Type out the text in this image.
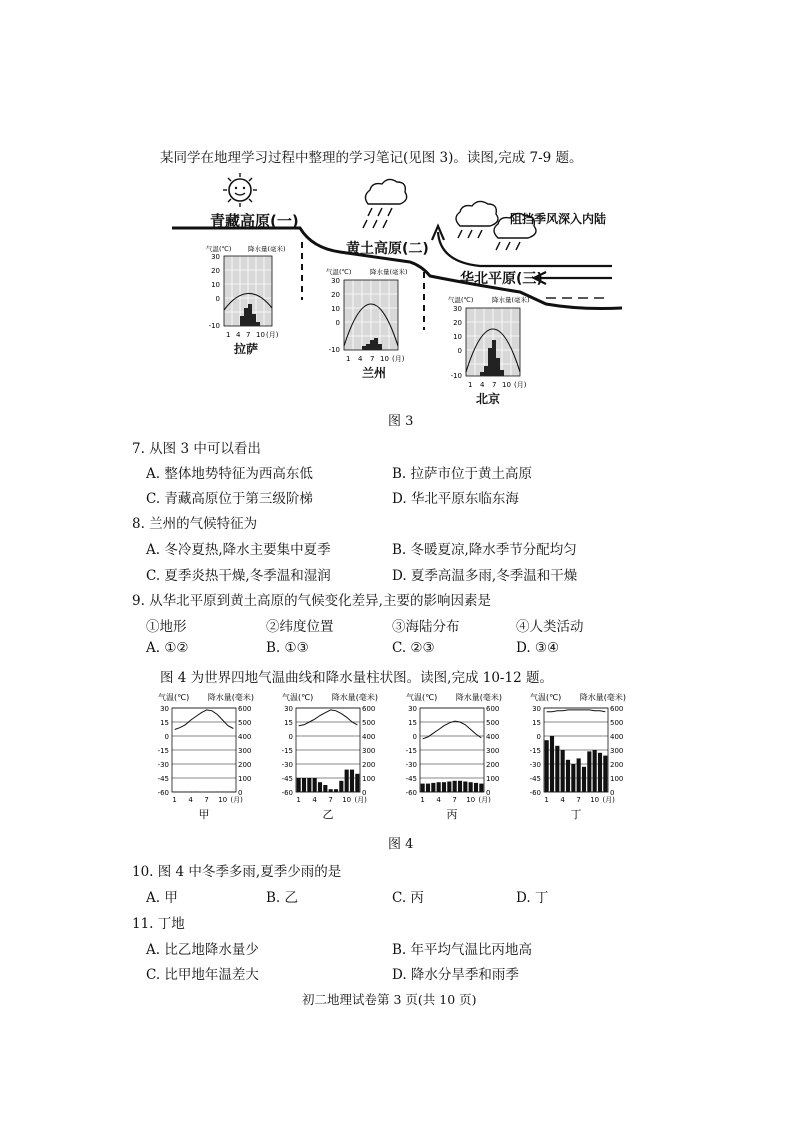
某同学在地理学习过程中整理的学习笔记(见图 3)。读图,完成 7-9 题。
青藏高原(一)
黄土高原(二)
华北平原(三)
阻挡季风深入内陆
30
20
10
0
-10
1 4 7 10 (月)
气温(℃)	降水量(毫米)
拉萨
30
20
10
0
-10
1 4 7 10 (月)
气温(℃)	降水量(毫米)
兰州
30
20
10
0
-10
1 4 7 10 (月)
气温(℃)	降水量(毫米)
北京
图 3
7. 从图 3 中可以看出
A. 整体地势特征为西高东低	B. 拉萨市位于黄土高原
C. 青藏高原位于第三级阶梯	D. 华北平原东临东海
8. 兰州的气候特征为
A. 冬冷夏热,降水主要集中夏季	B. 冬暖夏凉,降水季节分配均匀
C. 夏季炎热干燥,冬季温和湿润	D. 夏季高温多雨,冬季温和干燥
9. 从华北平原到黄土高原的气候变化差异,主要的影响因素是
①地形	②纬度位置	③海陆分布	④人类活动
A. ①②	B. ①③	C. ②③	D. ③④
图 4 为世界四地气温曲线和降水量柱状图。读图,完成 10-12 题。
气温(℃) 降水量(毫米)
30	600
15	500
0	400
-15	300
-30	200
-45	100
-60	0
1 4 7 10 (月)
甲
气温(℃) 降水量(毫米)
30	600
15	500
0	400
-15	300
-30	200
-45	100
-60	0
1 4 7 10 (月)
乙
气温(℃) 降水量(毫米)
30	600
15	500
0	400
-15	300
-30	200
-45	100
-60	0
1 4 7 10 (月)
丙
气温(℃) 降水量(毫米)
30	600
15	500
0	400
-15	300
-30	200
-45	100
-60	0
1 4 7 10 (月)
丁
图 4
10. 图 4 中冬季多雨,夏季少雨的是
A. 甲	B. 乙	C. 丙	D. 丁
11. 丁地
A. 比乙地降水量少	B. 年平均气温比丙地高
C. 比甲地年温差大	D. 降水分旱季和雨季
初二地理试卷第 3 页(共 10 页)
